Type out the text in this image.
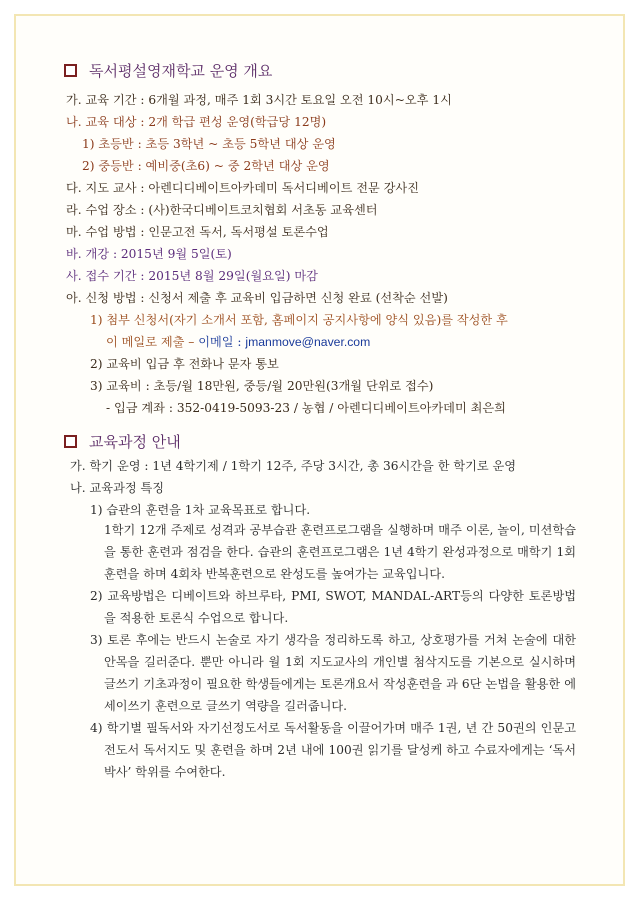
독서평설영재학교 운영 개요
가. 교육 기간 : 6개월 과정, 매주 1회 3시간 토요일 오전 10시~오후 1시
나. 교육 대상 : 2개 학급 편성 운영(학급당 12명)
1) 초등반 : 초등 3학년 ~ 초등 5학년 대상 운영
2) 중등반 : 예비중(초6) ~ 중 2학년 대상 운영
다. 지도 교사 : 아렌디디베이트아카데미 독서디베이트 전문 강사진
라. 수업 장소 : (사)한국디베이트코치협회 서초동 교육센터
마. 수업 방법 : 인문고전 독서, 독서평설 토론수업
바. 개강 : 2015년 9월 5일(토)
사. 접수 기간 : 2015년 8월 29일(월요일) 마감
아. 신청 방법 : 신청서 제출 후 교육비 입금하면 신청 완료 (선착순 선발)
1) 첨부 신청서(자기 소개서 포함, 홈페이지 공지사항에 양식 있음)를 작성한 후
이 메일로 제출 – 이메일 : jmanmove@naver.com
2) 교육비 입금 후 전화나 문자 통보
3) 교육비 : 초등/월 18만원, 중등/월 20만원(3개월 단위로 접수)
- 입금 계좌 : 352-0419-5093-23 / 농협 / 아렌디디베이트아카데미 최은희
교육과정 안내
가. 학기 운영 : 1년 4학기제 / 1학기 12주, 주당 3시간, 총 36시간을 한 학기로 운영
나. 교육과정 특징
1) 습관의 훈련을 1차 교육목표로 합니다.
1학기 12개 주제로 성격과 공부습관 훈련프로그램을 실행하며 매주 이론, 놀이, 미션학습을 통한 훈련과 점검을 한다. 습관의 훈련프로그램은 1년 4학기 완성과정으로 매학기 1회 훈련을 하며 4회차 반복훈련으로 완성도를 높여가는 교육입니다.
2) 교육방법은 디베이트와 하브루타, PMI, SWOT, MANDAL-ART등의 다양한 토론방법을 적용한 토론식 수업으로 합니다.
3) 토론 후에는 반드시 논술로 자기 생각을 정리하도록 하고, 상호평가를 거쳐 논술에 대한 안목을 길러준다. 뿐만 아니라 월 1회 지도교사의 개인별 첨삭지도를 기본으로 실시하며 글쓰기 기초과정이 필요한 학생들에게는 토론개요서 작성훈련을 과 6단 논법을 활용한 에세이쓰기 훈련으로 글쓰기 역량을 길러줍니다.
4) 학기별 필독서와 자기선정도서로 독서활동을 이끌어가며 매주 1권, 년 간 50권의 인문고전도서 독서지도 및 훈련을 하며 2년 내에 100권 읽기를 달성케 하고 수료자에게는 ‘독서박사’ 학위를 수여한다.
